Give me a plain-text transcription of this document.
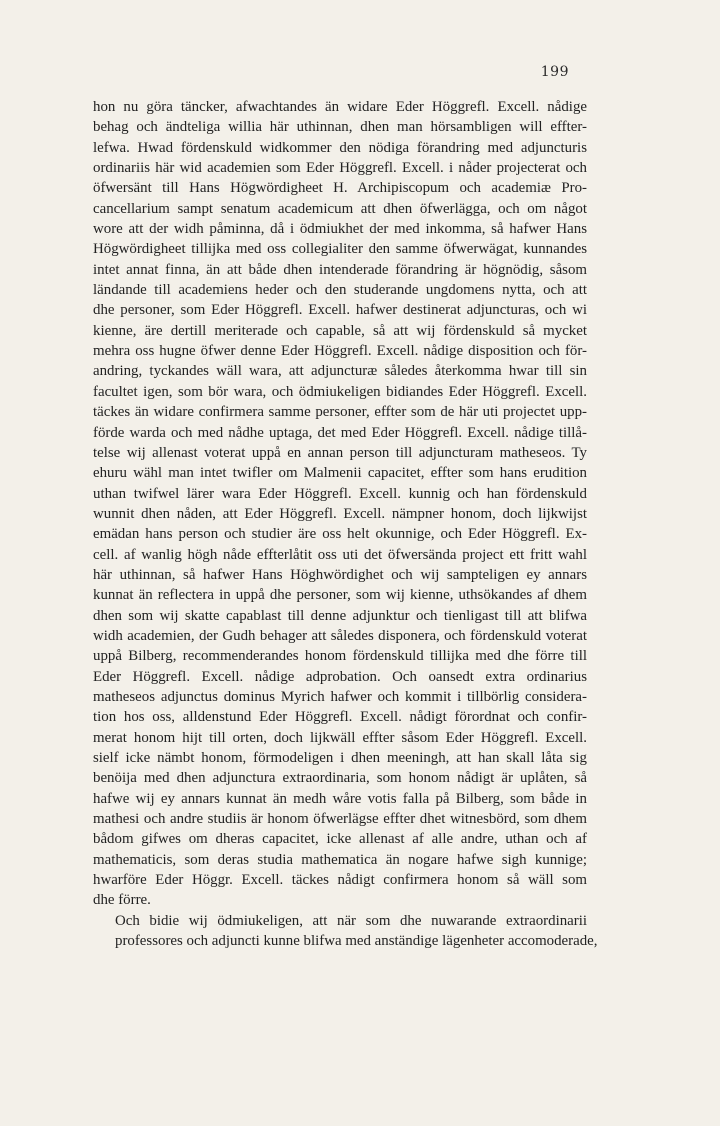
199
hon nu göra täncker, afwachtandes än widare Eder Höggrefl. Excell. nådige
behag och ändteliga willia här uthinnan, dhen man hörsambligen will effter-
lefwa. Hwad fördenskuld widkommer den nödiga förandring med adjuncturis
ordinariis här wid academien som Eder Höggrefl. Excell. i nåder projecterat och
öfwersänt till Hans Högwördigheet H. Archipiscopum och academiæ Pro-
cancellarium sampt senatum academicum att dhen öfwerlägga, och om något
wore att der widh påminna, då i ödmiukhet der med inkomma, så hafwer Hans
Högwördigheet tillijka med oss collegialiter den samme öfwerwägat, kunnandes
intet annat finna, än att både dhen intenderade förandring är högnödig, såsom
ländande till academiens heder och den studerande ungdomens nytta, och att
dhe personer, som Eder Höggrefl. Excell. hafwer destinerat adjuncturas, och wi
kienne, äre dertill meriterade och capable, så att wij fördenskuld så mycket
mehra oss hugne öfwer denne Eder Höggrefl. Excell. nådige disposition och för-
andring, tyckandes wäll wara, att adjuncturæ således återkomma hwar till sin
facultet igen, som bör wara, och ödmiukeligen bidiandes Eder Höggrefl. Excell.
täckes än widare confirmera samme personer, effter som de här uti projectet upp-
förde warda och med nådhe uptaga, det med Eder Höggrefl. Excell. nådige tillå-
telse wij allenast voterat uppå en annan person till adjuncturam matheseos. Ty
ehuru wähl man intet twifler om Malmenii capacitet, effter som hans erudition
uthan twifwel lärer wara Eder Höggrefl. Excell. kunnig och han fördenskuld
wunnit dhen nåden, att Eder Höggrefl. Excell. nämpner honom, doch lijkwijst
emädan hans person och studier äre oss helt okunnige, och Eder Höggrefl. Ex-
cell. af wanlig högh nåde effterlåtit oss uti det öfwersända project ett fritt wahl
här uthinnan, så hafwer Hans Höghwördighet och wij sampteligen ey annars
kunnat än reflectera in uppå dhe personer, som wij kienne, uthsökandes af dhem
dhen som wij skatte capablast till denne adjunktur och tienligast till att blifwa
widh academien, der Gudh behager att således disponera, och fördenskuld voterat
uppå Bilberg, recommenderandes honom fördenskuld tillijka med dhe förre till
Eder Höggrefl. Excell. nådige adprobation. Och oansedt extra ordinarius
matheseos adjunctus dominus Myrich hafwer och kommit i tillbörlig considera-
tion hos oss, alldenstund Eder Höggrefl. Excell. nådigt förordnat och confir-
merat honom hijt till orten, doch lijkwäll effter såsom Eder Höggrefl. Excell.
sielf icke nämbt honom, förmodeligen i dhen meeningh, att han skall låta sig
benöija med dhen adjunctura extraordinaria, som honom nådigt är uplåten, så
hafwe wij ey annars kunnat än medh wåre votis falla på Bilberg, som både in
mathesi och andre studiis är honom öfwerlägse effter dhet witnesbörd, som dhem
bådom gifwes om dheras capacitet, icke allenast af alle andre, uthan och af
mathematicis, som deras studia mathematica än nogare hafwe sigh kunnige;
hwarföre Eder Höggr. Excell. täckes nådigt confirmera honom så wäll som
dhe förre.
Och bidie wij ödmiukeligen, att när som dhe nuwarande extraordinarii
professores och adjuncti kunne blifwa med anständige lägenheter accomoderade,
